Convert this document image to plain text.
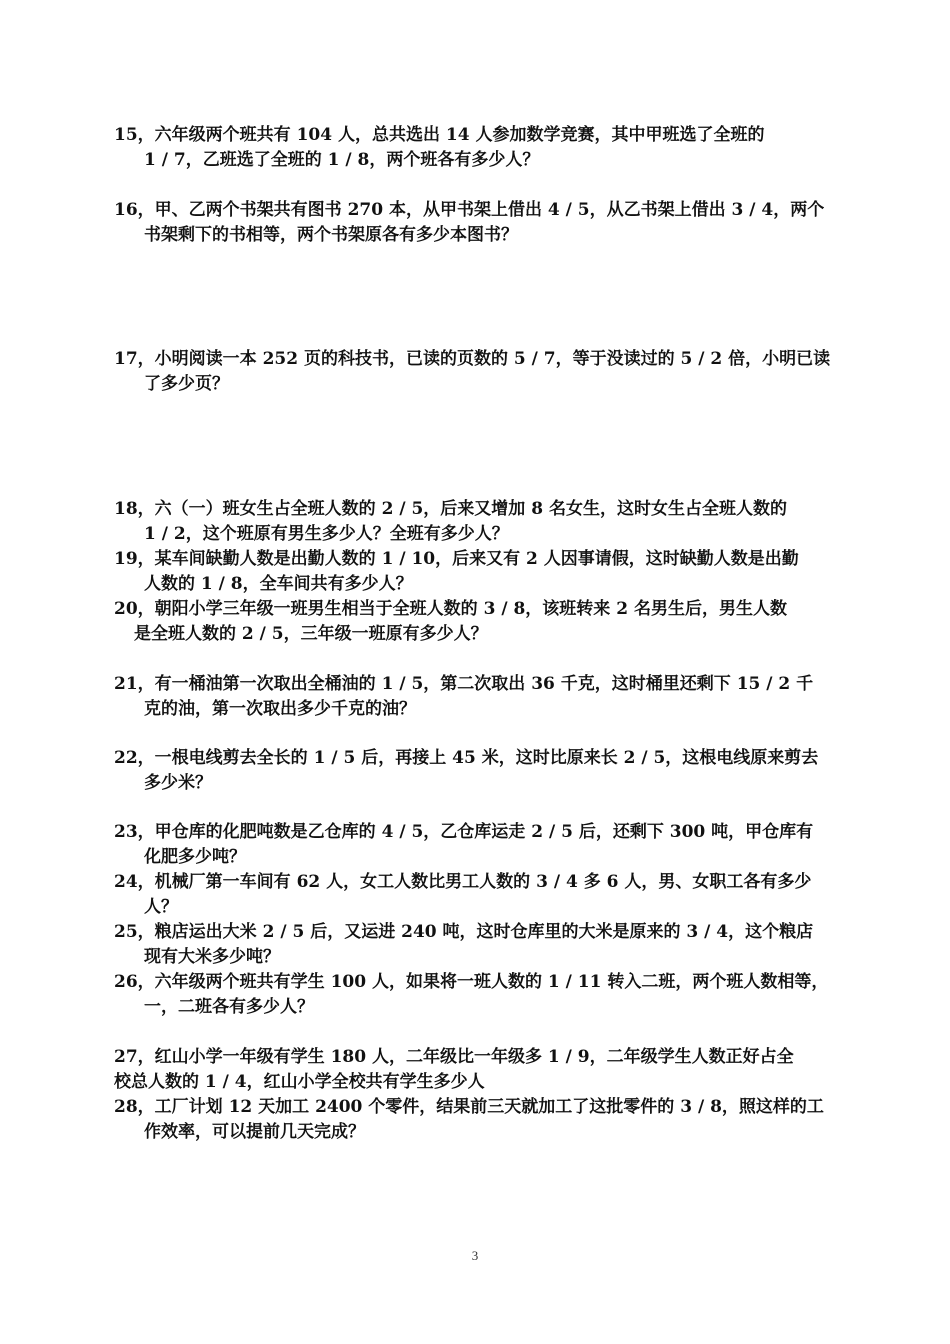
15，六年级两个班共有 104 人，总共选出 14 人参加数学竞赛，其中甲班选了全班的
1 / 7，乙班选了全班的 1 / 8，两个班各有多少人？
16，甲、乙两个书架共有图书 270 本，从甲书架上借出 4 / 5，从乙书架上借出 3 / 4，两个
书架剩下的书相等，两个书架原各有多少本图书？
17，小明阅读一本 252 页的科技书，已读的页数的 5 / 7，等于没读过的 5 / 2 倍，小明已读
了多少页？
18，六（一）班女生占全班人数的 2 / 5，后来又增加 8 名女生，这时女生占全班人数的
1 / 2，这个班原有男生多少人？全班有多少人？
19，某车间缺勤人数是出勤人数的 1 / 10，后来又有 2 人因事请假，这时缺勤人数是出勤
人数的 1 / 8，全车间共有多少人？
20，朝阳小学三年级一班男生相当于全班人数的 3 / 8，该班转来 2 名男生后，男生人数
是全班人数的 2 / 5，三年级一班原有多少人？
21，有一桶油第一次取出全桶油的 1 / 5，第二次取出 36 千克，这时桶里还剩下 15 / 2 千
克的油，第一次取出多少千克的油？
22，一根电线剪去全长的 1 / 5 后，再接上 45 米，这时比原来长 2 / 5，这根电线原来剪去
多少米？
23，甲仓库的化肥吨数是乙仓库的 4 / 5，乙仓库运走 2 / 5 后，还剩下 300 吨，甲仓库有
化肥多少吨？
24，机械厂第一车间有 62 人，女工人数比男工人数的 3 / 4 多 6 人，男、女职工各有多少
人？
25，粮店运出大米 2 / 5 后，又运进 240 吨，这时仓库里的大米是原来的 3 / 4，这个粮店
现有大米多少吨？
26，六年级两个班共有学生 100 人，如果将一班人数的 1 / 11 转入二班，两个班人数相等，
一，二班各有多少人？
27，红山小学一年级有学生 180 人，二年级比一年级多 1 / 9，二年级学生人数正好占全
校总人数的 1 / 4，红山小学全校共有学生多少人
28，工厂计划 12 天加工 2400 个零件，结果前三天就加工了这批零件的 3 / 8，照这样的工
作效率，可以提前几天完成？
3
